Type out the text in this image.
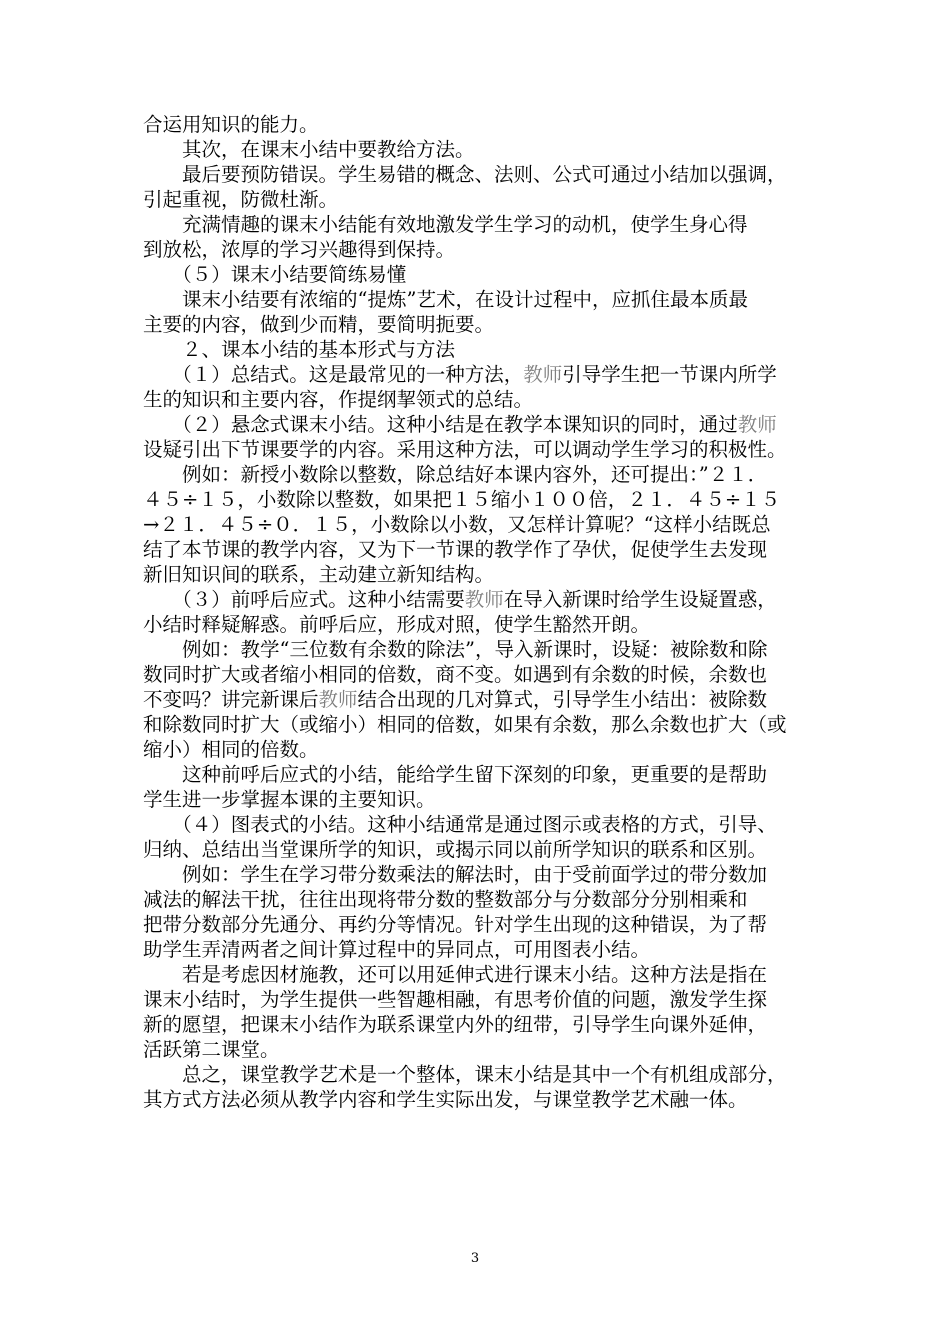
合运用知识的能力。
　　其次，在课末小结中要教给方法。
　　最后要预防错误。学生易错的概念、法则、公式可通过小结加以强调，
引起重视，防微杜渐。
　　充满情趣的课末小结能有效地激发学生学习的动机，使学生身心得
到放松，浓厚的学习兴趣得到保持。
　　（５）课末小结要简练易懂
　　课末小结要有浓缩的“提炼”艺术，在设计过程中，应抓住最本质最
主要的内容，做到少而精，要简明扼要。
　　２、课本小结的基本形式与方法
　　（１）总结式。这是最常见的一种方法，教师引导学生把一节课内所学
生的知识和主要内容，作提纲挈领式的总结。
　　（２）悬念式课末小结。这种小结是在教学本课知识的同时，通过教师
设疑引出下节课要学的内容。采用这种方法，可以调动学生学习的积极性。
　　例如：新授小数除以整数，除总结好本课内容外，还可提出：”２１．
４５÷１５，小数除以整数，如果把１５缩小１００倍，２１．４５÷１５
→２１．４５÷０．１５，小数除以小数，又怎样计算呢？“这样小结既总
结了本节课的教学内容，又为下一节课的教学作了孕伏，促使学生去发现
新旧知识间的联系，主动建立新知结构。
　　（３）前呼后应式。这种小结需要教师在导入新课时给学生设疑置惑，
小结时释疑解惑。前呼后应，形成对照，使学生豁然开朗。
　　例如：教学“三位数有余数的除法”，导入新课时，设疑：被除数和除
数同时扩大或者缩小相同的倍数，商不变。如遇到有余数的时候，余数也
不变吗？讲完新课后教师结合出现的几对算式，引导学生小结出：被除数
和除数同时扩大（或缩小）相同的倍数，如果有余数，那么余数也扩大（或
缩小）相同的倍数。
　　这种前呼后应式的小结，能给学生留下深刻的印象，更重要的是帮助
学生进一步掌握本课的主要知识。
　　（４）图表式的小结。这种小结通常是通过图示或表格的方式，引导、
归纳、总结出当堂课所学的知识，或揭示同以前所学知识的联系和区别。
　　例如：学生在学习带分数乘法的解法时，由于受前面学过的带分数加
减法的解法干扰，往往出现将带分数的整数部分与分数部分分别相乘和
把带分数部分先通分、再约分等情况。针对学生出现的这种错误，为了帮
助学生弄清两者之间计算过程中的异同点，可用图表小结。
　　若是考虑因材施教，还可以用延伸式进行课末小结。这种方法是指在
课末小结时，为学生提供一些智趣相融，有思考价值的问题，激发学生探
新的愿望，把课末小结作为联系课堂内外的纽带，引导学生向课外延伸，
活跃第二课堂。
　　总之，课堂教学艺术是一个整体，课末小结是其中一个有机组成部分，
其方式方法必须从教学内容和学生实际出发，与课堂教学艺术融一体。
3
